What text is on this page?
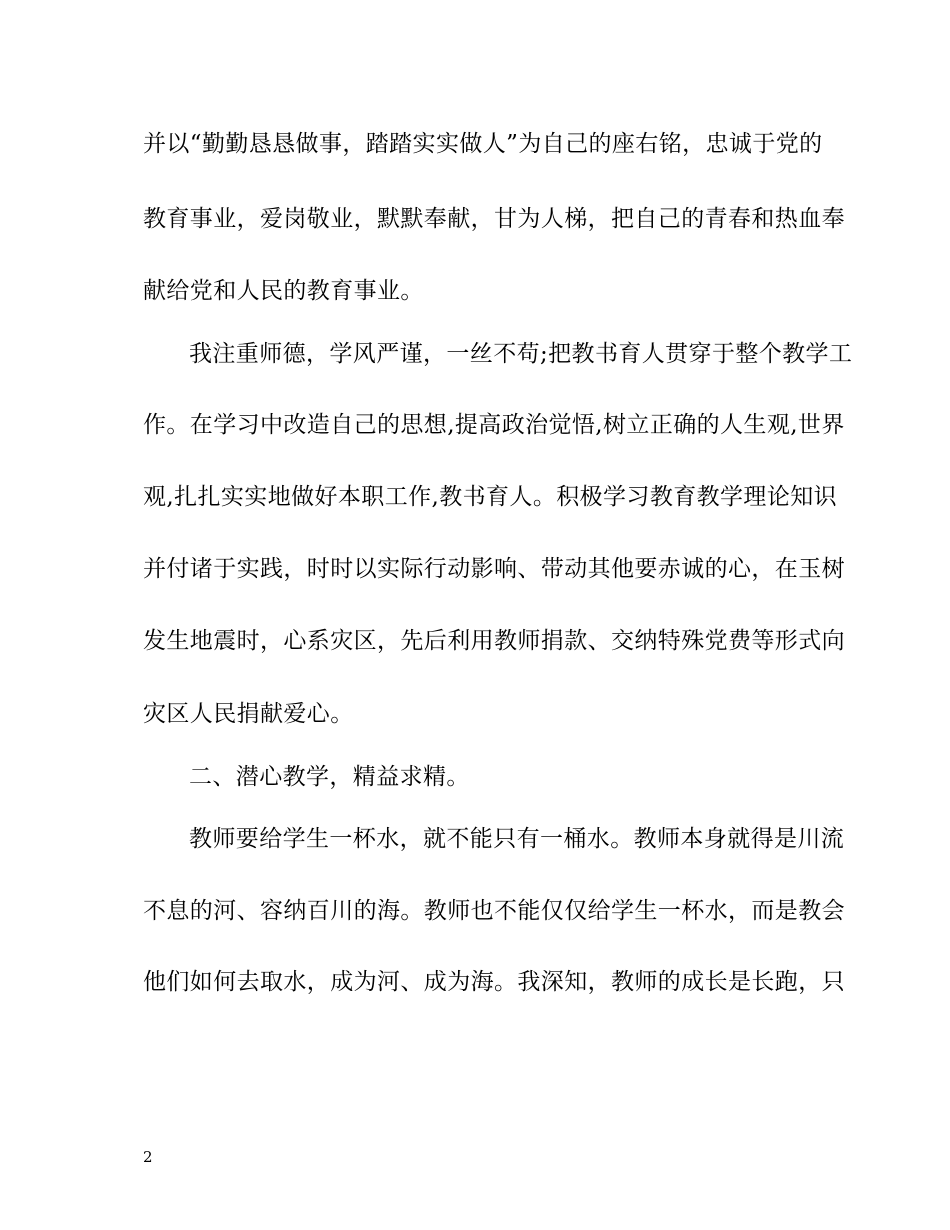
并以“勤勤恳恳做事，踏踏实实做人”为自己的座右铭，忠诚于党的
教育事业，爱岗敬业，默默奉献，甘为人梯，把自己的青春和热血奉
献给党和人民的教育事业。
我注重师德，学风严谨，一丝不苟;把教书育人贯穿于整个教学工
作。在学习中改造自己的思想,提高政治觉悟,树立正确的人生观,世界
观,扎扎实实地做好本职工作,教书育人。积极学习教育教学理论知识
并付诸于实践，时时以实际行动影响、带动其他要赤诚的心，在玉树
发生地震时，心系灾区，先后利用教师捐款、交纳特殊党费等形式向
灾区人民捐献爱心。
二、潜心教学，精益求精。
教师要给学生一杯水，就不能只有一桶水。教师本身就得是川流
不息的河、容纳百川的海。教师也不能仅仅给学生一杯水，而是教会
他们如何去取水，成为河、成为海。我深知，教师的成长是长跑，只
2
